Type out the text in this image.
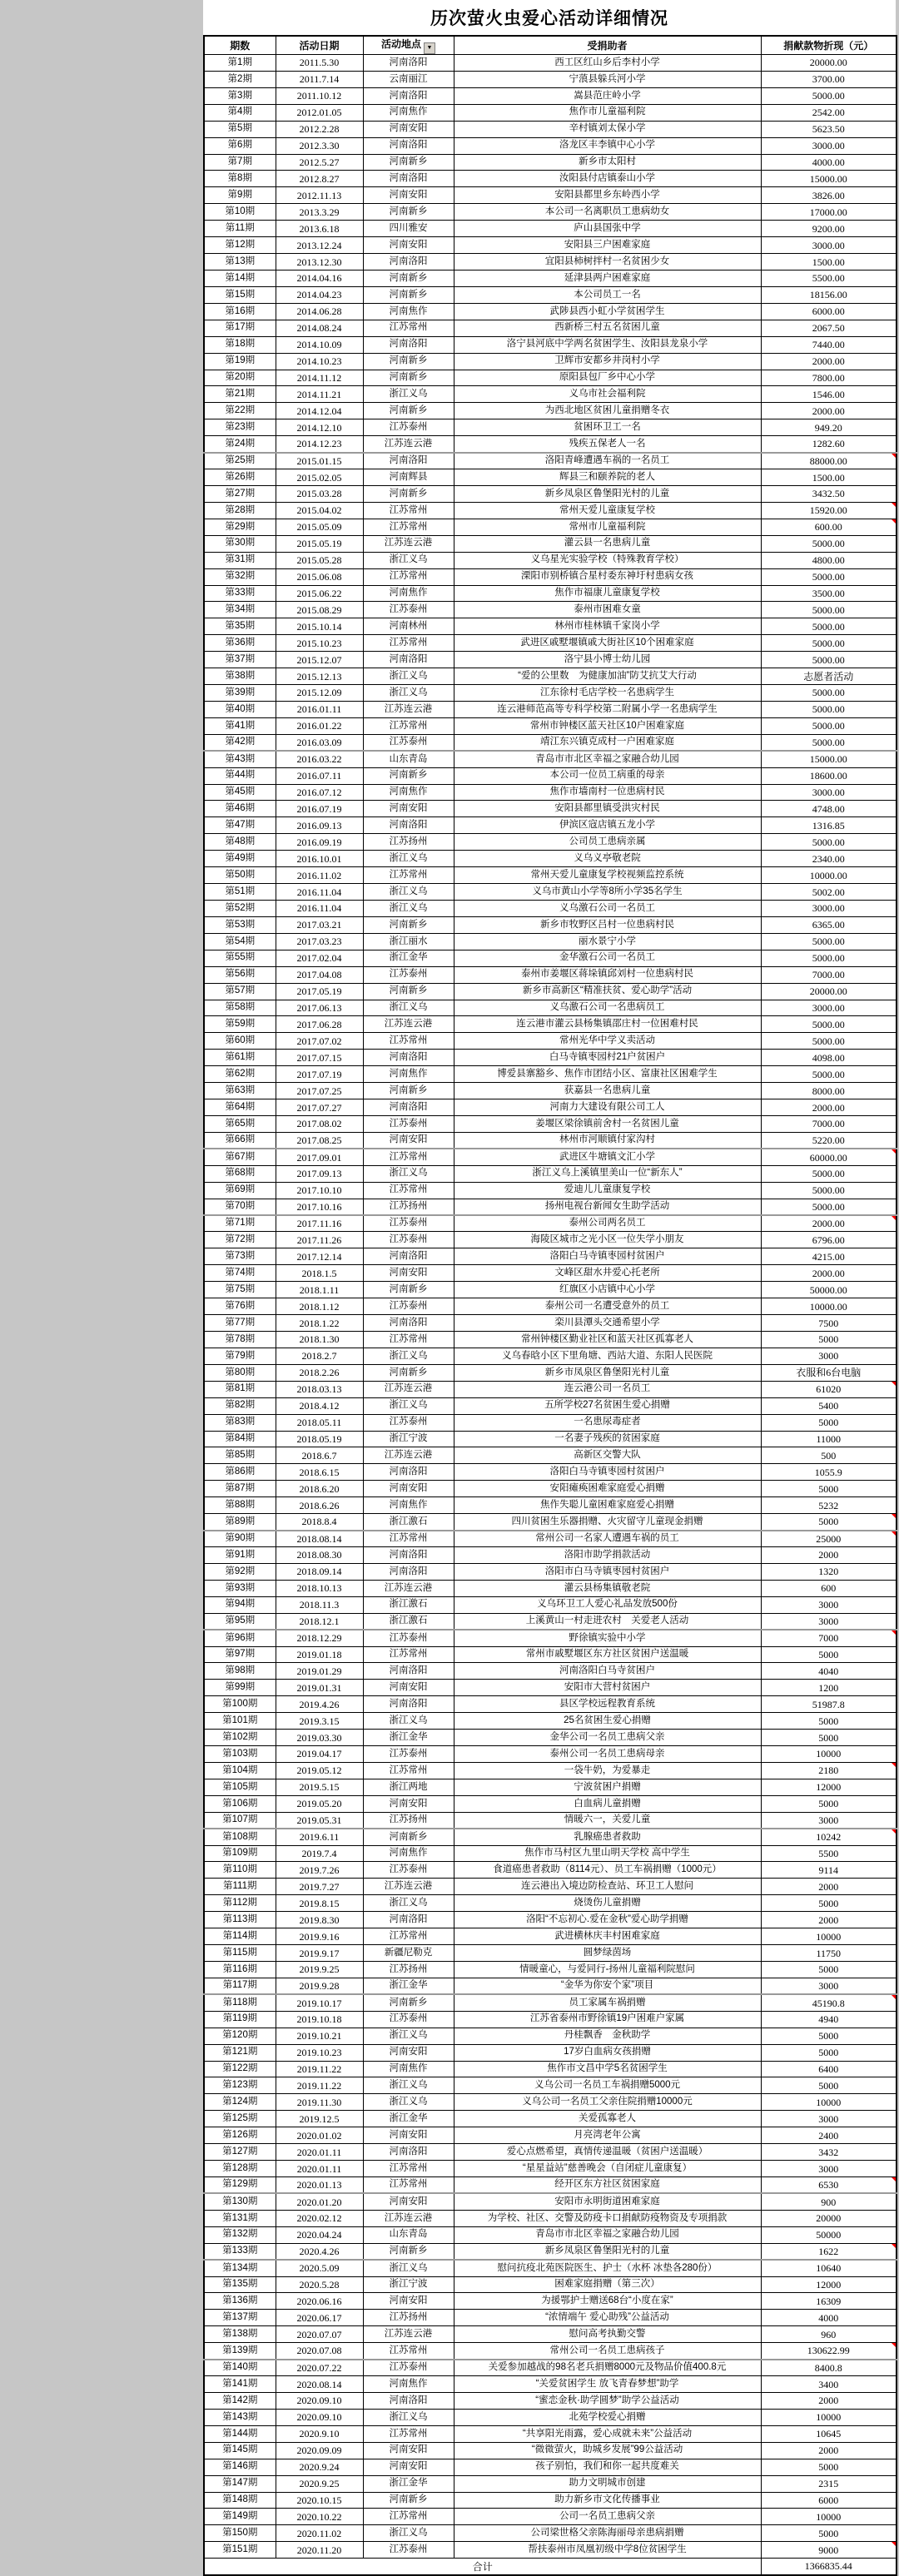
历次萤火虫爱心活动详细情况
期数	活动日期	活动地点 ▼	受捐助者	捐献款物折现（元）
第1期	2011.5.30	河南洛阳	西工区红山乡后李村小学	20000.00
第2期	2011.7.14	云南丽江	宁蒗县躲兵河小学	3700.00
第3期	2011.10.12	河南洛阳	嵩县范庄岭小学	5000.00
第4期	2012.01.05	河南焦作	焦作市儿童福利院	2542.00
第5期	2012.2.28	河南安阳	辛村镇刘太保小学	5623.50
第6期	2012.3.30	河南洛阳	洛龙区丰李镇中心小学	3000.00
第7期	2012.5.27	河南新乡	新乡市太阳村	4000.00
第8期	2012.8.27	河南洛阳	汝阳县付店镇泰山小学	15000.00
第9期	2012.11.13	河南安阳	安阳县都里乡东岭西小学	3826.00
第10期	2013.3.29	河南新乡	本公司一名离职员工患病幼女	17000.00
第11期	2013.6.18	四川雅安	庐山县国张中学	9200.00
第12期	2013.12.24	河南安阳	安阳县三户困难家庭	3000.00
第13期	2013.12.30	河南洛阳	宜阳县柿树拌村一名贫困少女	1500.00
第14期	2014.04.16	河南新乡	延津县两户困难家庭	5500.00
第15期	2014.04.23	河南新乡	本公司员工一名	18156.00
第16期	2014.06.28	河南焦作	武陟县西小虹小学贫困学生	6000.00
第17期	2014.08.24	江苏常州	西新桥三村五名贫困儿童	2067.50
第18期	2014.10.09	河南洛阳	洛宁县河底中学两名贫困学生、汝阳县龙泉小学	7440.00
第19期	2014.10.23	河南新乡	卫辉市安都乡井岗村小学	2000.00
第20期	2014.11.12	河南新乡	原阳县包厂乡中心小学	7800.00
第21期	2014.11.21	浙江义乌	义乌市社会福利院	1546.00
第22期	2014.12.04	河南新乡	为西北地区贫困儿童捐赠冬衣	2000.00
第23期	2014.12.10	江苏泰州	贫困环卫工一名	949.20
第24期	2014.12.23	江苏连云港	残疾五保老人一名	1282.60
第25期	2015.01.15	河南洛阳	洛阳青峰遭遇车祸的一名员工	88000.00
第26期	2015.02.05	河南辉县	辉县三和颐养院的老人	1500.00
第27期	2015.03.28	河南新乡	新乡凤泉区鲁堡阳光村的儿童	3432.50
第28期	2015.04.02	江苏常州	常州天爱儿童康复学校	15920.00
第29期	2015.05.09	江苏常州	常州市儿童福利院	600.00
第30期	2015.05.19	江苏连云港	灌云县一名患病儿童	5000.00
第31期	2015.05.28	浙江义乌	义乌星光实验学校（特殊教育学校）	4800.00
第32期	2015.06.08	江苏常州	溧阳市别桥镇合星村委东神圩村患病女孩	5000.00
第33期	2015.06.22	河南焦作	焦作市福康儿童康复学校	3500.00
第34期	2015.08.29	江苏泰州	泰州市困难女童	5000.00
第35期	2015.10.14	河南林州	林州市桂林镇千家岗小学	5000.00
第36期	2015.10.23	江苏常州	武进区戚墅堰镇戚大街社区10个困难家庭	5000.00
第37期	2015.12.07	河南洛阳	洛宁县小博士幼儿园	5000.00
第38期	2015.12.13	浙江义乌	“爱的公里数　为健康加油”防艾抗艾大行动	志愿者活动
第39期	2015.12.09	浙江义乌	江东徐村毛店学校一名患病学生	5000.00
第40期	2016.01.11	江苏连云港	连云港师范高等专科学校第二附属小学一名患病学生	5000.00
第41期	2016.01.22	江苏常州	常州市钟楼区蓝天社区10户困难家庭	5000.00
第42期	2016.03.09	江苏泰州	靖江东兴镇克成村一户困难家庭	5000.00
第43期	2016.03.22	山东青岛	青岛市市北区幸福之家融合幼儿园	15000.00
第44期	2016.07.11	河南新乡	本公司一位员工病重的母亲	18600.00
第45期	2016.07.12	河南焦作	焦作市墙南村一位患病村民	3000.00
第46期	2016.07.19	河南安阳	安阳县都里镇受洪灾村民	4748.00
第47期	2016.09.13	河南洛阳	伊滨区寇店镇五龙小学	1316.85
第48期	2016.09.19	江苏扬州	公司员工患病亲属	5000.00
第49期	2016.10.01	浙江义乌	义乌义亭敬老院	2340.00
第50期	2016.11.02	江苏常州	常州天爱儿童康复学校视频监控系统	10000.00
第51期	2016.11.04	浙江义乌	义乌市黄山小学等8所小学35名学生	5002.00
第52期	2016.11.04	浙江义乌	义乌激石公司一名员工	3000.00
第53期	2017.03.21	河南新乡	新乡市牧野区吕村一位患病村民	6365.00
第54期	2017.03.23	浙江丽水	丽水景宁小学	5000.00
第55期	2017.02.04	浙江金华	金华激石公司一名员工	5000.00
第56期	2017.04.08	江苏泰州	泰州市姜堰区蒋垛镇邱刘村一位患病村民	7000.00
第57期	2017.05.19	河南新乡	新乡市高新区“精准扶贫、爱心助学”活动	20000.00
第58期	2017.06.13	浙江义乌	义乌激石公司一名患病员工	3000.00
第59期	2017.06.28	江苏连云港	连云港市灌云县杨集镇邵庄村一位困难村民	5000.00
第60期	2017.07.02	江苏常州	常州光华中学义卖活动	5000.00
第61期	2017.07.15	河南洛阳	白马寺镇枣园村21户贫困户	4098.00
第62期	2017.07.19	河南焦作	博爱县寨豁乡、焦作市团结小区、富康社区困难学生	5000.00
第63期	2017.07.25	河南新乡	获嘉县一名患病儿童	8000.00
第64期	2017.07.27	河南洛阳	河南力大建设有限公司工人	2000.00
第65期	2017.08.02	江苏泰州	姜堰区梁徐镇前舍村一名贫困儿童	7000.00
第66期	2017.08.25	河南安阳	林州市河顺镇付家沟村	5220.00
第67期	2017.09.01	江苏常州	武进区牛塘镇文汇小学	60000.00
第68期	2017.09.13	浙江义乌	浙江义乌上溪镇里美山一位“新东人”	5000.00
第69期	2017.10.10	江苏常州	爱迪儿儿童康复学校	5000.00
第70期	2017.10.16	江苏扬州	扬州电视台新闻女生助学活动	5000.00
第71期	2017.11.16	江苏泰州	泰州公司两名员工	2000.00
第72期	2017.11.26	江苏泰州	海陵区城市之光小区一位失学小朋友	6796.00
第73期	2017.12.14	河南洛阳	洛阳白马寺镇枣园村贫困户	4215.00
第74期	2018.1.5	河南安阳	文峰区甜水井爱心托老所	2000.00
第75期	2018.1.11	河南新乡	红旗区小店镇中心小学	50000.00
第76期	2018.1.12	江苏泰州	泰州公司一名遭受意外的员工	10000.00
第77期	2018.1.22	河南洛阳	栾川县潭头交通希望小学	7500
第78期	2018.1.30	江苏常州	常州钟楼区勤业社区和蓝天社区孤寡老人	5000
第79期	2018.2.7	浙江义乌	义乌春晗小区下里角塘、西站大道、东阳人民医院	3000
第80期	2018.2.26	河南新乡	新乡市凤泉区鲁堡阳光村儿童	衣服和6台电脑
第81期	2018.03.13	江苏连云港	连云港公司一名员工	61020
第82期	2018.4.12	浙江义乌	五所学校27名贫困生爱心捐赠	5400
第83期	2018.05.11	江苏泰州	一名患尿毒症者	5000
第84期	2018.05.19	浙江宁波	一名妻子残疾的贫困家庭	11000
第85期	2018.6.7	江苏连云港	高新区交警大队	500
第86期	2018.6.15	河南洛阳	洛阳白马寺镇枣园村贫困户	1055.9
第87期	2018.6.20	河南安阳	安阳瘫痪困难家庭爱心捐赠	5000
第88期	2018.6.26	河南焦作	焦作失聪儿童困难家庭爱心捐赠	5232
第89期	2018.8.4	浙江激石	四川贫困生乐器捐赠、火灾留守儿童现金捐赠	5000
第90期	2018.08.14	江苏常州	常州公司一名家人遭遇车祸的员工	25000
第91期	2018.08.30	河南洛阳	洛阳市助学捐款活动	2000
第92期	2018.09.14	河南洛阳	洛阳市白马寺镇枣园村贫困户	1320
第93期	2018.10.13	江苏连云港	灌云县杨集镇敬老院	600
第94期	2018.11.3	浙江激石	义乌环卫工人爱心礼品发放500份	3000
第95期	2018.12.1	浙江激石	上溪黄山一村走进农村　关爱老人活动	3000
第96期	2018.12.29	江苏泰州	野徐镇实验中小学	7000
第97期	2019.01.18	江苏常州	常州市戚墅堰区东方社区贫困户送温暖	5000
第98期	2019.01.29	河南洛阳	河南洛阳白马寺贫困户	4040
第99期	2019.01.31	河南安阳	安阳市大营村贫困户	1200
第100期	2019.4.26	河南洛阳	县区学校远程教育系统	51987.8
第101期	2019.3.15	浙江义乌	25名贫困生爱心捐赠	5000
第102期	2019.03.30	浙江金华	金华公司一名员工患病父亲	5000
第103期	2019.04.17	江苏泰州	泰州公司一名员工患病母亲	10000
第104期	2019.05.12	江苏常州	一袋牛奶，为爱暴走	2180
第105期	2019.5.15	浙江两地	宁波贫困户捐赠	12000
第106期	2019.05.20	河南安阳	白血病儿童捐赠	5000
第107期	2019.05.31	江苏扬州	情暖六一，关爱儿童	3000
第108期	2019.6.11	河南新乡	乳腺癌患者救助	10242
第109期	2019.7.4	河南焦作	焦作市马村区九里山明天学校 高中学生	5500
第110期	2019.7.26	江苏泰州	食道癌患者救助（8114元）、员工车祸捐赠（1000元）	9114
第111期	2019.7.27	江苏连云港	连云港出入境边防检查站、环卫工人慰问	2000
第112期	2019.8.15	浙江义乌	烧烫伤儿童捐赠	5000
第113期	2019.8.30	河南洛阳	洛阳“不忘初心.爱在金秋”爱心助学捐赠	2000
第114期	2019.9.16	江苏常州	武进横林庆丰村困难家庭	10000
第115期	2019.9.17	新疆尼勒克	圆梦绿茵场	11750
第116期	2019.9.25	江苏扬州	情暖童心，与爱同行-扬州儿童福利院慰问	5000
第117期	2019.9.28	浙江金华	“金华为你安个家”项目	3000
第118期	2019.10.17	河南新乡	员工家属车祸捐赠	45190.8
第119期	2019.10.18	江苏泰州	江苏省泰州市野徐镇19户困难户家属	4940
第120期	2019.10.21	浙江义乌	丹桂飘香　金秋助学	5000
第121期	2019.10.23	河南安阳	17岁白血病女孩捐赠	5000
第122期	2019.11.22	河南焦作	焦作市文昌中学5名贫困学生	6400
第123期	2019.11.22	浙江义乌	义乌公司一名员工车祸捐赠5000元	5000
第124期	2019.11.30	浙江义乌	义乌公司一名员工父亲住院捐赠10000元	10000
第125期	2019.12.5	浙江金华	关爱孤寡老人	3000
第126期	2020.01.02	河南安阳	月亮湾老年公寓	2400
第127期	2020.01.11	河南洛阳	爱心点燃希望，真情传递温暖（贫困户送温暖）	3432
第128期	2020.01.11	江苏常州	“星星益站”慈善晚会（自闭症儿童康复）	3000
第129期	2020.01.13	江苏常州	经开区东方社区贫困家庭	6530
第130期	2020.01.20	河南安阳	安阳市永明街道困难家庭	900
第131期	2020.02.12	江苏连云港	为学校、社区、交警及防疫卡口捐献防疫物资及专项捐款	20000
第132期	2020.04.24	山东青岛	青岛市市北区幸福之家融合幼儿园	50000
第133期	2020.4.26	河南新乡	新乡凤泉区鲁堡阳光村的儿童	1622
第134期	2020.5.09	浙江义乌	慰问抗疫北苑医院医生、护士（水杯 冰垫各280份）	10640
第135期	2020.5.28	浙江宁波	困难家庭捐赠（第三次）	12000
第136期	2020.06.16	河南安阳	为援鄂护士赠送68台“小度在家”	16309
第137期	2020.06.17	江苏扬州	“浓情端午 爱心助残”公益活动	4000
第138期	2020.07.07	江苏连云港	慰问高考执勤交警	960
第139期	2020.07.08	江苏常州	常州公司一名员工患病孩子	130622.99
第140期	2020.07.22	江苏泰州	关爱参加越战的98名老兵捐赠8000元及物品价值400.8元	8400.8
第141期	2020.08.14	河南焦作	“关爱贫困学生 放飞青春梦想”助学	3400
第142期	2020.09.10	河南洛阳	“蜜恋金秋·助学圆梦”助学公益活动	2000
第143期	2020.09.10	浙江义乌	北苑学校爱心捐赠	10000
第144期	2020.9.10	江苏常州	“共享阳光雨露，爱心成就未来”公益活动	10645
第145期	2020.09.09	河南安阳	“微微萤火，助城乡发展”99公益活动	2000
第146期	2020.9.24	河南安阳	孩子别怕，我们和你一起共度难关	5000
第147期	2020.9.25	浙江金华	助力文明城市创建	2315
第148期	2020.10.15	河南新乡	助力新乡市文化传播事业	6000
第149期	2020.10.22	江苏常州	公司一名员工患病父亲	10000
第150期	2020.11.02	浙江义乌	公司梁世格父亲陈海丽母亲患病捐赠	5000
第151期	2020.11.20	江苏泰州	帮扶泰州市凤凰初级中学8位贫困学生	9000
合计				1366835.44
